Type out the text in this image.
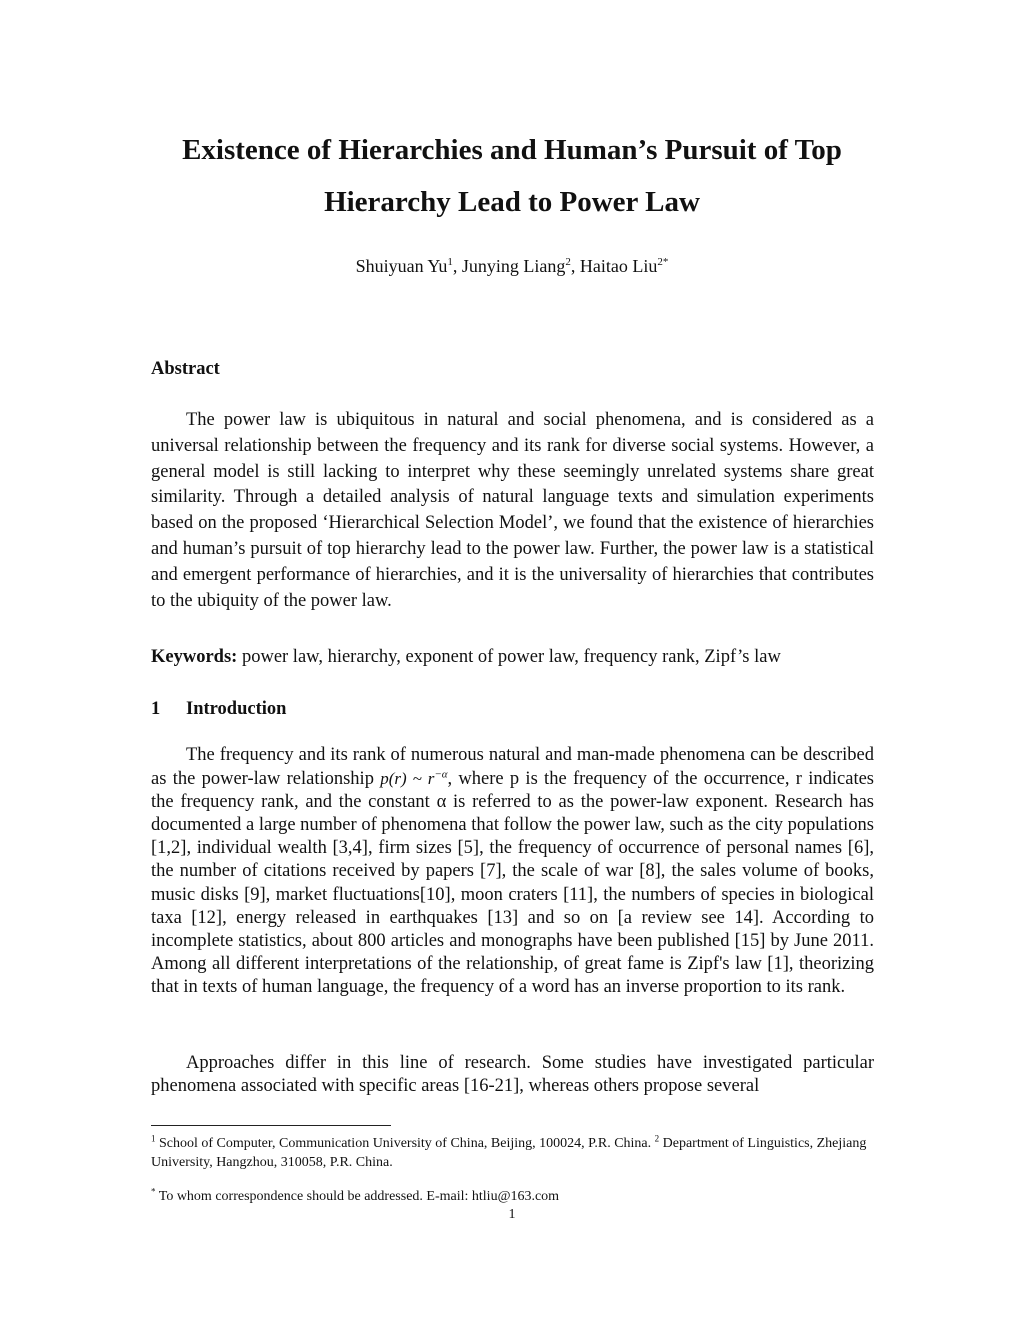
Existence of Hierarchies and Human’s Pursuit of Top
Hierarchy Lead to Power Law
Shuiyuan Yu$^1$, Junying Liang$^2$, Haitao Liu$^{2*}$
Abstract

The power law is ubiquitous in natural and social phenomena, and is considered as a universal relationship between the frequency and its rank for diverse social systems. However, a general model is still lacking to interpret why these seemingly unrelated systems share great similarity. Through a detailed analysis of natural language texts and simulation experiments based on the proposed ‘Hierarchical Selection Model’, we found that the existence of hierarchies and human’s pursuit of top hierarchy lead to the power law. Further, the power law is a statistical and emergent performance of hierarchies, and it is the universality of hierarchies that contributes to the ubiquity of the power law.

Keywords: power law, hierarchy, exponent of power law, frequency rank, Zipf’s law
1 Introduction

The frequency and its rank of numerous natural and man-made phenomena can be described as the power-law relationship p(r) ~ $r^{-\alpha}$, where p is the frequency of the occurrence, r indicates the frequency rank, and the constant α is referred to as the power-law exponent. Research has documented a large number of phenomena that follow the power law, such as the city populations [1,2], individual wealth [3,4], firm sizes [5], the frequency of occurrence of personal names [6], the number of citations received by papers [7], the scale of war [8], the sales volume of books, music disks [9], market fluctuations[10], moon craters [11], the numbers of species in biological taxa [12], energy released in earthquakes [13] and so on [a review see 14]. According to incomplete statistics, about 800 articles and monographs have been published [15] by June 2011. Among all different interpretations of the relationship, of great fame is Zipf's law [1], theorizing that in texts of human language, the frequency of a word has an inverse proportion to its rank.

Approaches differ in this line of research. Some studies have investigated particular phenomena associated with specific areas [16-21], whereas others propose several

$^1$ School of Computer, Communication University of China, Beijing, 100024, P.R. China. $^2$ Department of Linguistics, Zhejiang University, Hangzhou, 310058, P.R. China.

* To whom correspondence should be addressed. E-mail: htliu@163.com

1
